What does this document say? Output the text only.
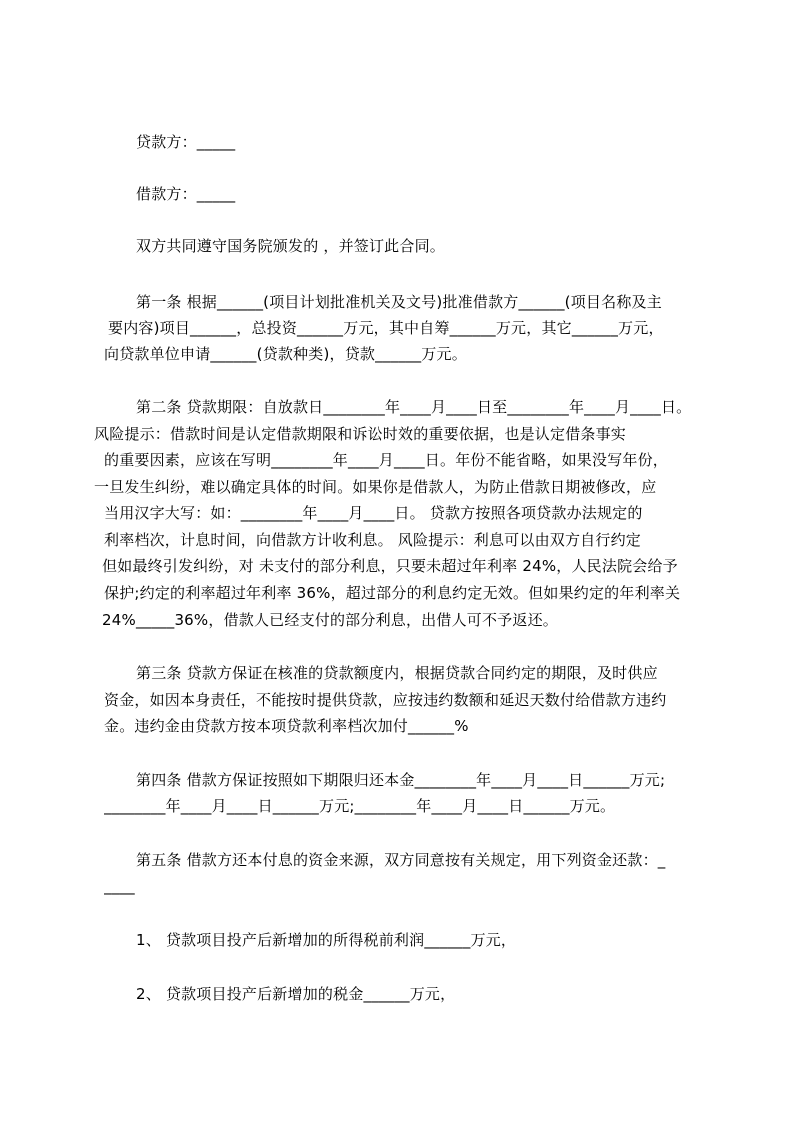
贷款方：_____
借款方：_____
双方共同遵守国务院颁发的 ，并签订此合同。
第一条 根据______(项目计划批准机关及文号)批准借款方______(项目名称及主
要内容)项目______，总投资______万元，其中自筹______万元，其它______万元，
向贷款单位申请______(贷款种类)，贷款______万元。
第二条 贷款期限：自放款日________年____月____日至________年____月____日。
风险提示：借款时间是认定借款期限和诉讼时效的重要依据，也是认定借条事实
的重要因素，应该在写明________年____月____日。年份不能省略，如果没写年份，
一旦发生纠纷，难以确定具体的时间。如果你是借款人，为防止借款日期被修改，应
当用汉字大写：如：________年____月____日。 贷款方按照各项贷款办法规定的
利率档次，计息时间，向借款方计收利息。 风险提示：利息可以由双方自行约定
但如最终引发纠纷，对 未支付的部分利息，只要未超过年利率 24%，人民法院会给予
保护;约定的利率超过年利率 36%，超过部分的利息约定无效。但如果约定的年利率关
24%_____36%，借款人已经支付的部分利息，出借人可不予返还。
第三条 贷款方保证在核准的贷款额度内，根据贷款合同约定的期限，及时供应
资金，如因本身责任，不能按时提供贷款，应按违约数额和延迟天数付给借款方违约
金。违约金由贷款方按本项贷款利率档次加付______%
第四条 借款方保证按照如下期限归还本金________年____月____日______万元;
________年____月____日______万元;________年____月____日______万元。
第五条 借款方还本付息的资金来源，双方同意按有关规定，用下列资金还款：_
____
1、 贷款项目投产后新增加的所得税前利润______万元，
2、 贷款项目投产后新增加的税金______万元，
